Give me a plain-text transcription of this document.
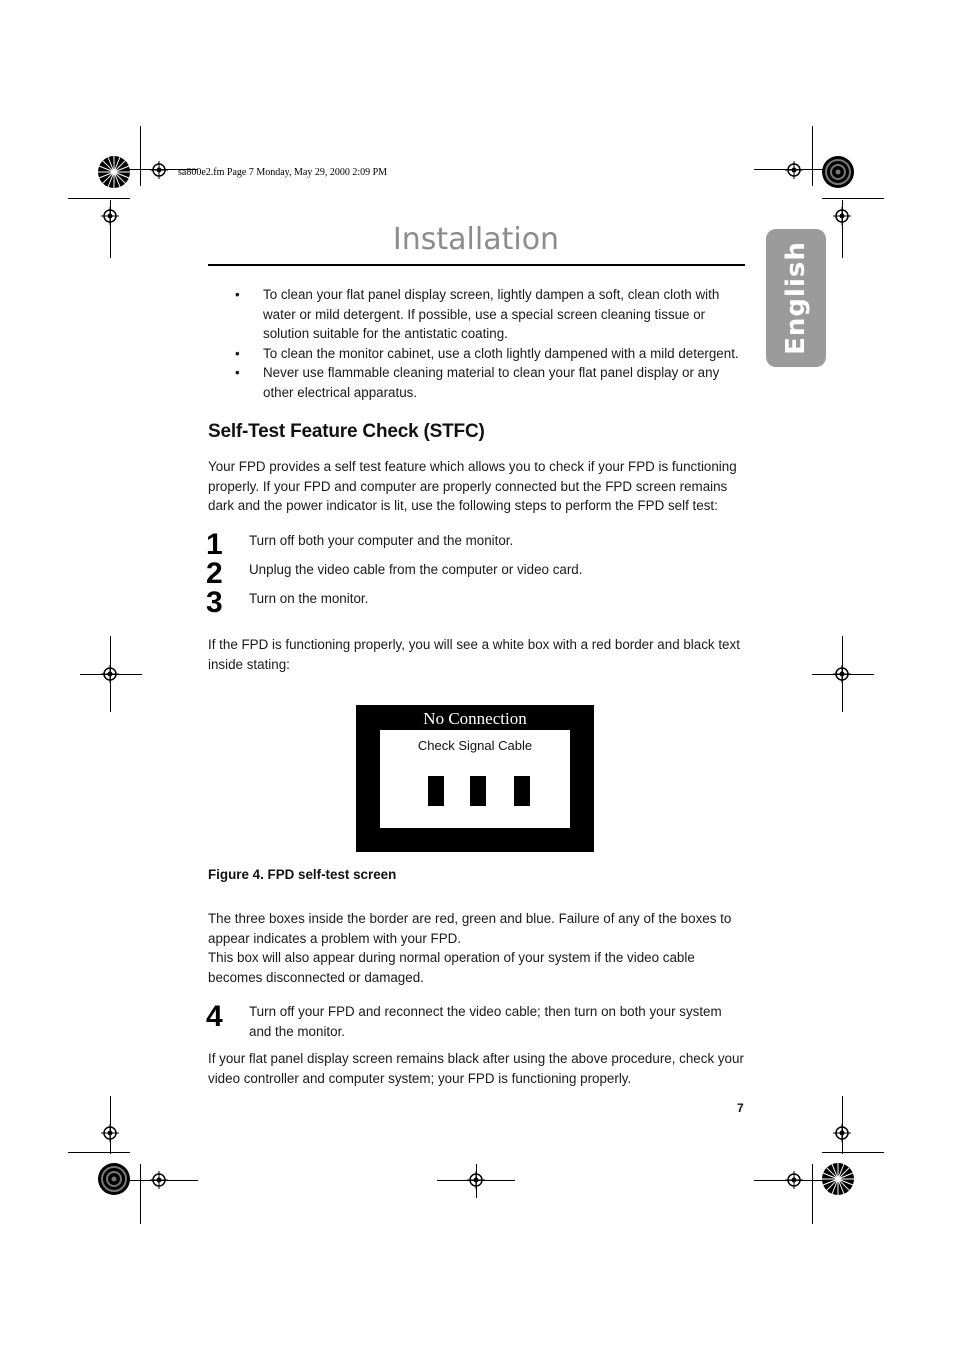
sa800e2.fm Page 7 Monday, May 29, 2000 2:09 PM
Installation
English
• To clean your flat panel display screen, lightly dampen a soft, clean cloth with water or mild detergent. If possible, use a special screen cleaning tissue or solution suitable for the antistatic coating.
• To clean the monitor cabinet, use a cloth lightly dampened with a mild detergent.
• Never use flammable cleaning material to clean your flat panel display or any other electrical apparatus.
Self-Test Feature Check (STFC)
Your FPD provides a self test feature which allows you to check if your FPD is functioning properly. If your FPD and computer are properly connected but the FPD screen remains dark and the power indicator is lit, use the following steps to perform the FPD self test:
1 Turn off both your computer and the monitor.
2 Unplug the video cable from the computer or video card.
3 Turn on the monitor.
If the FPD is functioning properly, you will see a white box with a red border and black text inside stating:
No Connection
Check Signal Cable
Figure 4. FPD self-test screen
The three boxes inside the border are red, green and blue. Failure of any of the boxes to appear indicates a problem with your FPD.
This box will also appear during normal operation of your system if the video cable becomes disconnected or damaged.
4 Turn off your FPD and reconnect the video cable; then turn on both your system and the monitor.
If your flat panel display screen remains black after using the above procedure, check your video controller and computer system; your FPD is functioning properly.
7
